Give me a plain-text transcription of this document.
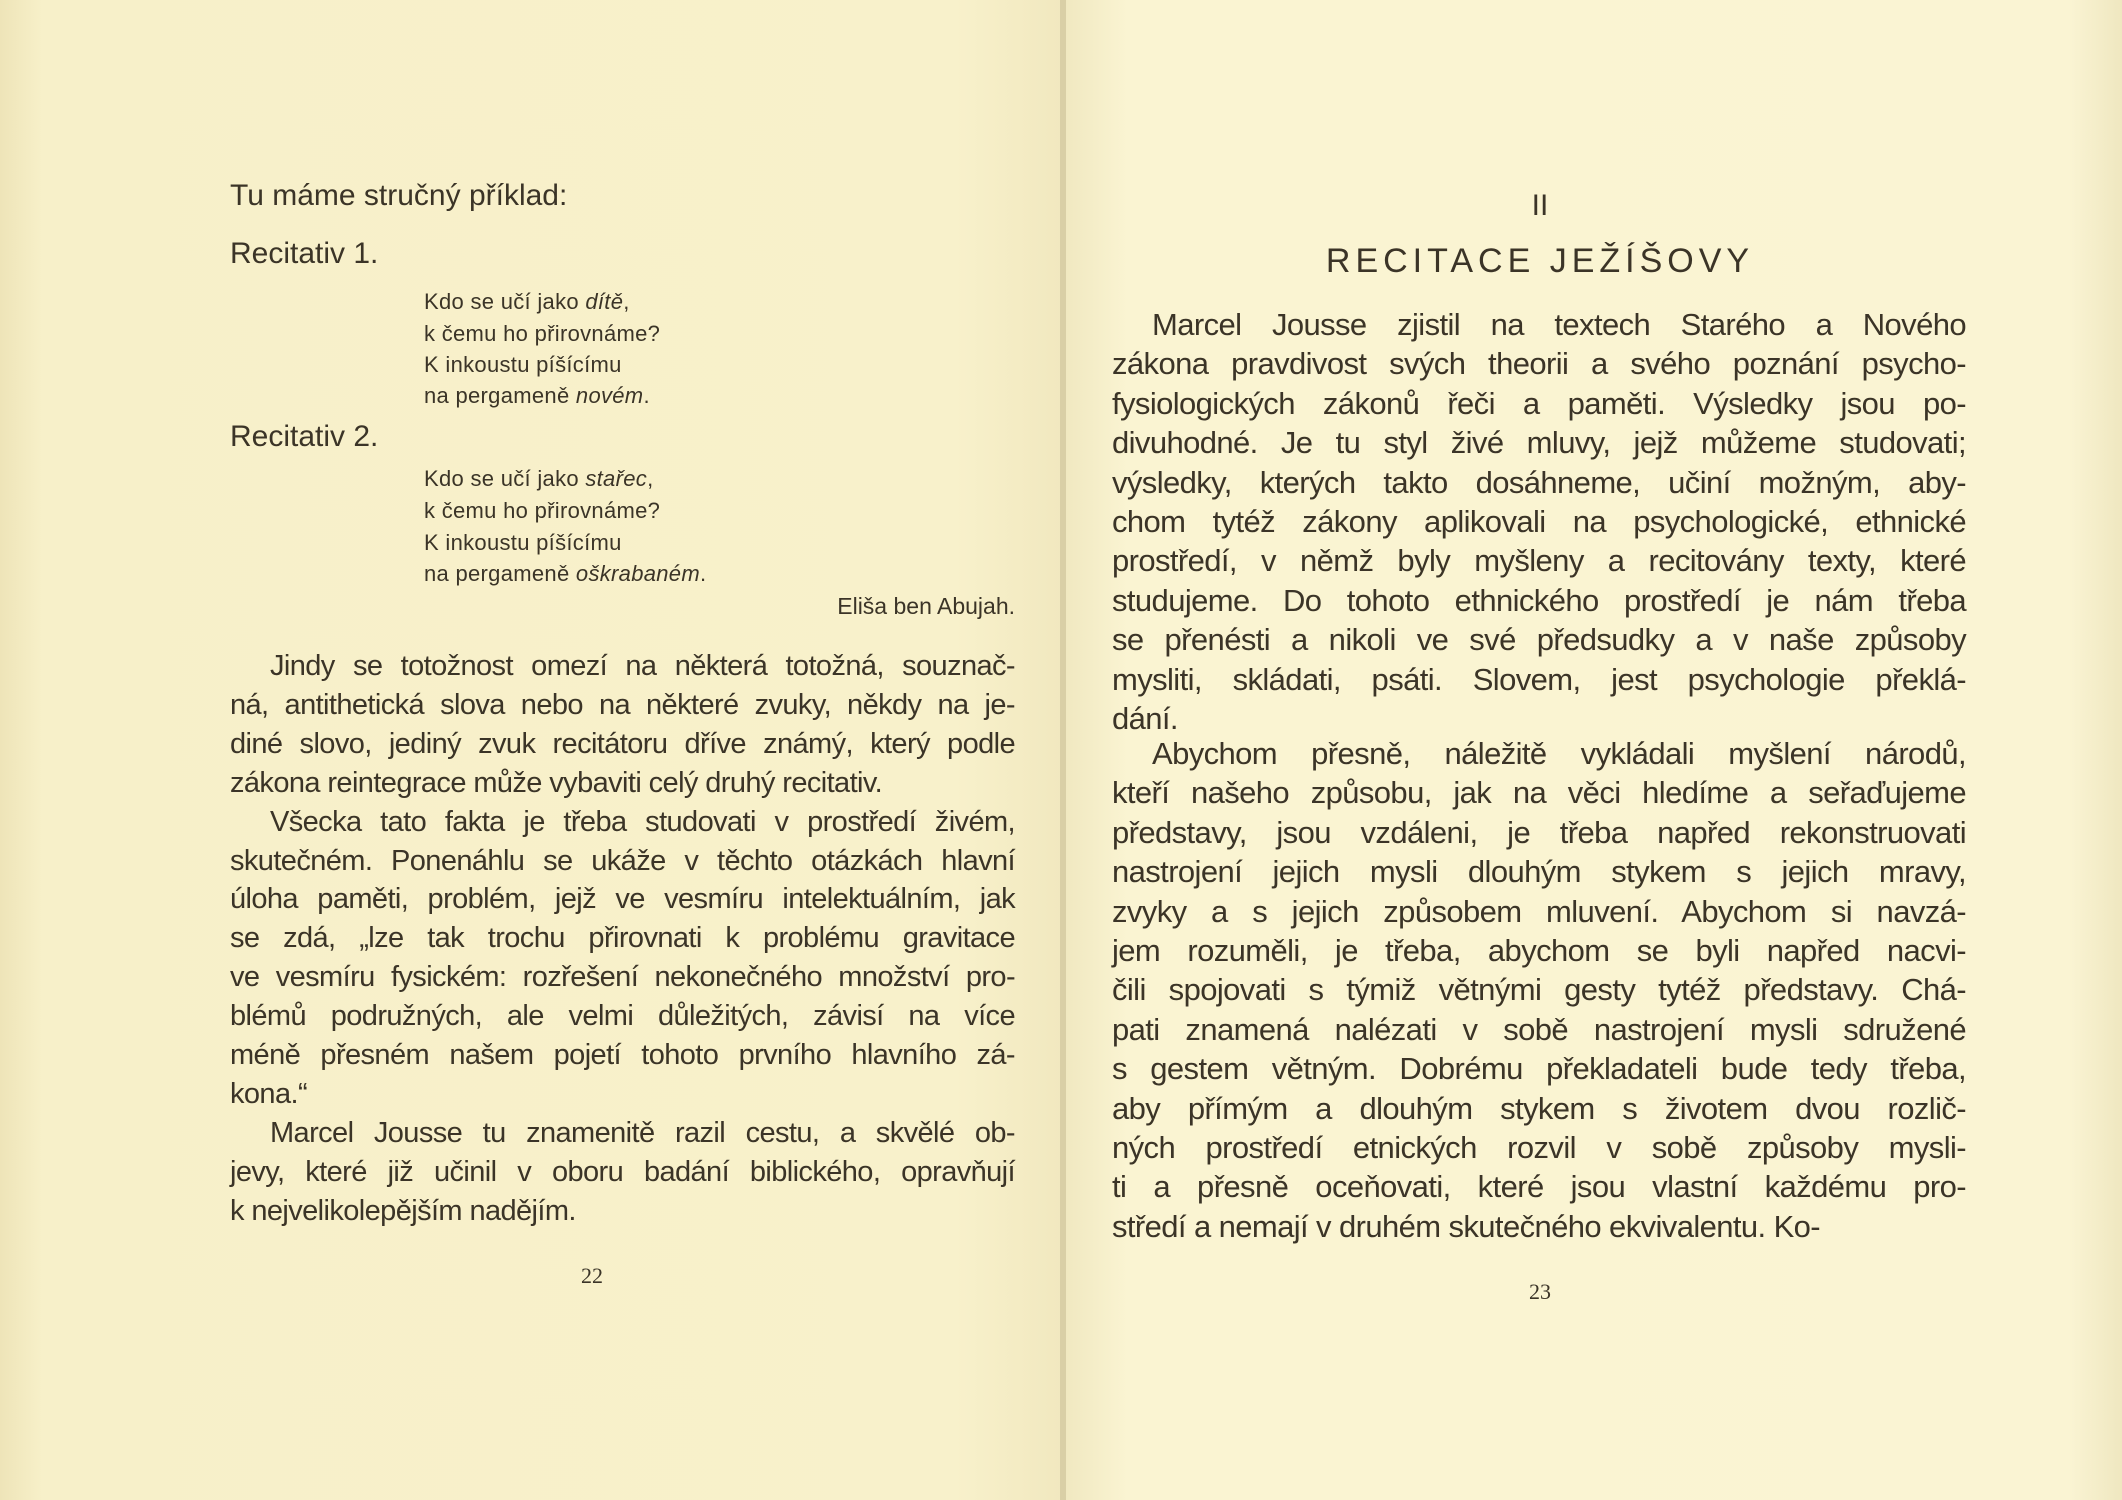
Tu máme stručný příklad:
Eliša ben Abujah.
22
II
RECITACE JEŽÍŠOVY
23
Recitativ 1.
Kdo se učí jako dítě,
k čemu ho přirovnáme?
K inkoustu píšícímu
na pergameně novém.
Recitativ 2.
Kdo se učí jako stařec,
k čemu ho přirovnáme?
K inkoustu píšícímu
na pergameně oškrabaném.
Jindy se totožnost omezí na některá totožná, souznač-
ná, antithetická slova nebo na některé zvuky, někdy na je-
diné slovo, jediný zvuk recitátoru dříve známý, který podle
zákona reintegrace může vybaviti celý druhý recitativ.
Všecka tato fakta je třeba studovati v prostředí živém,
skutečném. Ponenáhlu se ukáže v těchto otázkách hlavní
úloha paměti, problém, jejž ve vesmíru intelektuálním, jak
se zdá, „lze tak trochu přirovnati k problému gravitace
ve vesmíru fysickém: rozřešení nekonečného množství pro-
blémů podružných, ale velmi důležitých, závisí na více
méně přesném našem pojetí tohoto prvního hlavního zá-
kona.“
Marcel Jousse tu znamenitě razil cestu, a skvělé ob-
jevy, které již učinil v oboru badání biblického, opravňují
k nejvelikolepějším nadějím.
Marcel Jousse zjistil na textech Starého a Nového
zákona pravdivost svých theorii a svého poznání psycho-
fysiologických zákonů řeči a paměti. Výsledky jsou po-
divuhodné. Je tu styl živé mluvy, jejž můžeme studovati;
výsledky, kterých takto dosáhneme, učiní možným, aby-
chom tytéž zákony aplikovali na psychologické, ethnické
prostředí, v němž byly myšleny a recitovány texty, které
studujeme. Do tohoto ethnického prostředí je nám třeba
se přenésti a nikoli ve své předsudky a v naše způsoby
mysliti, skládati, psáti. Slovem, jest psychologie překlá-
dání.
Abychom přesně, náležitě vykládali myšlení národů,
kteří našeho způsobu, jak na věci hledíme a seřaďujeme
představy, jsou vzdáleni, je třeba napřed rekonstruovati
nastrojení jejich mysli dlouhým stykem s jejich mravy,
zvyky a s jejich způsobem mluvení. Abychom si navzá-
jem rozuměli, je třeba, abychom se byli napřed nacvi-
čili spojovati s týmiž větnými gesty tytéž představy. Chá-
pati znamená nalézati v sobě nastrojení mysli sdružené
s gestem větným. Dobrému překladateli bude tedy třeba,
aby přímým a dlouhým stykem s životem dvou rozlič-
ných prostředí etnických rozvil v sobě způsoby mysli-
ti a přesně oceňovati, které jsou vlastní každému pro-
středí a nemají v druhém skutečného ekvivalentu. Ko-
